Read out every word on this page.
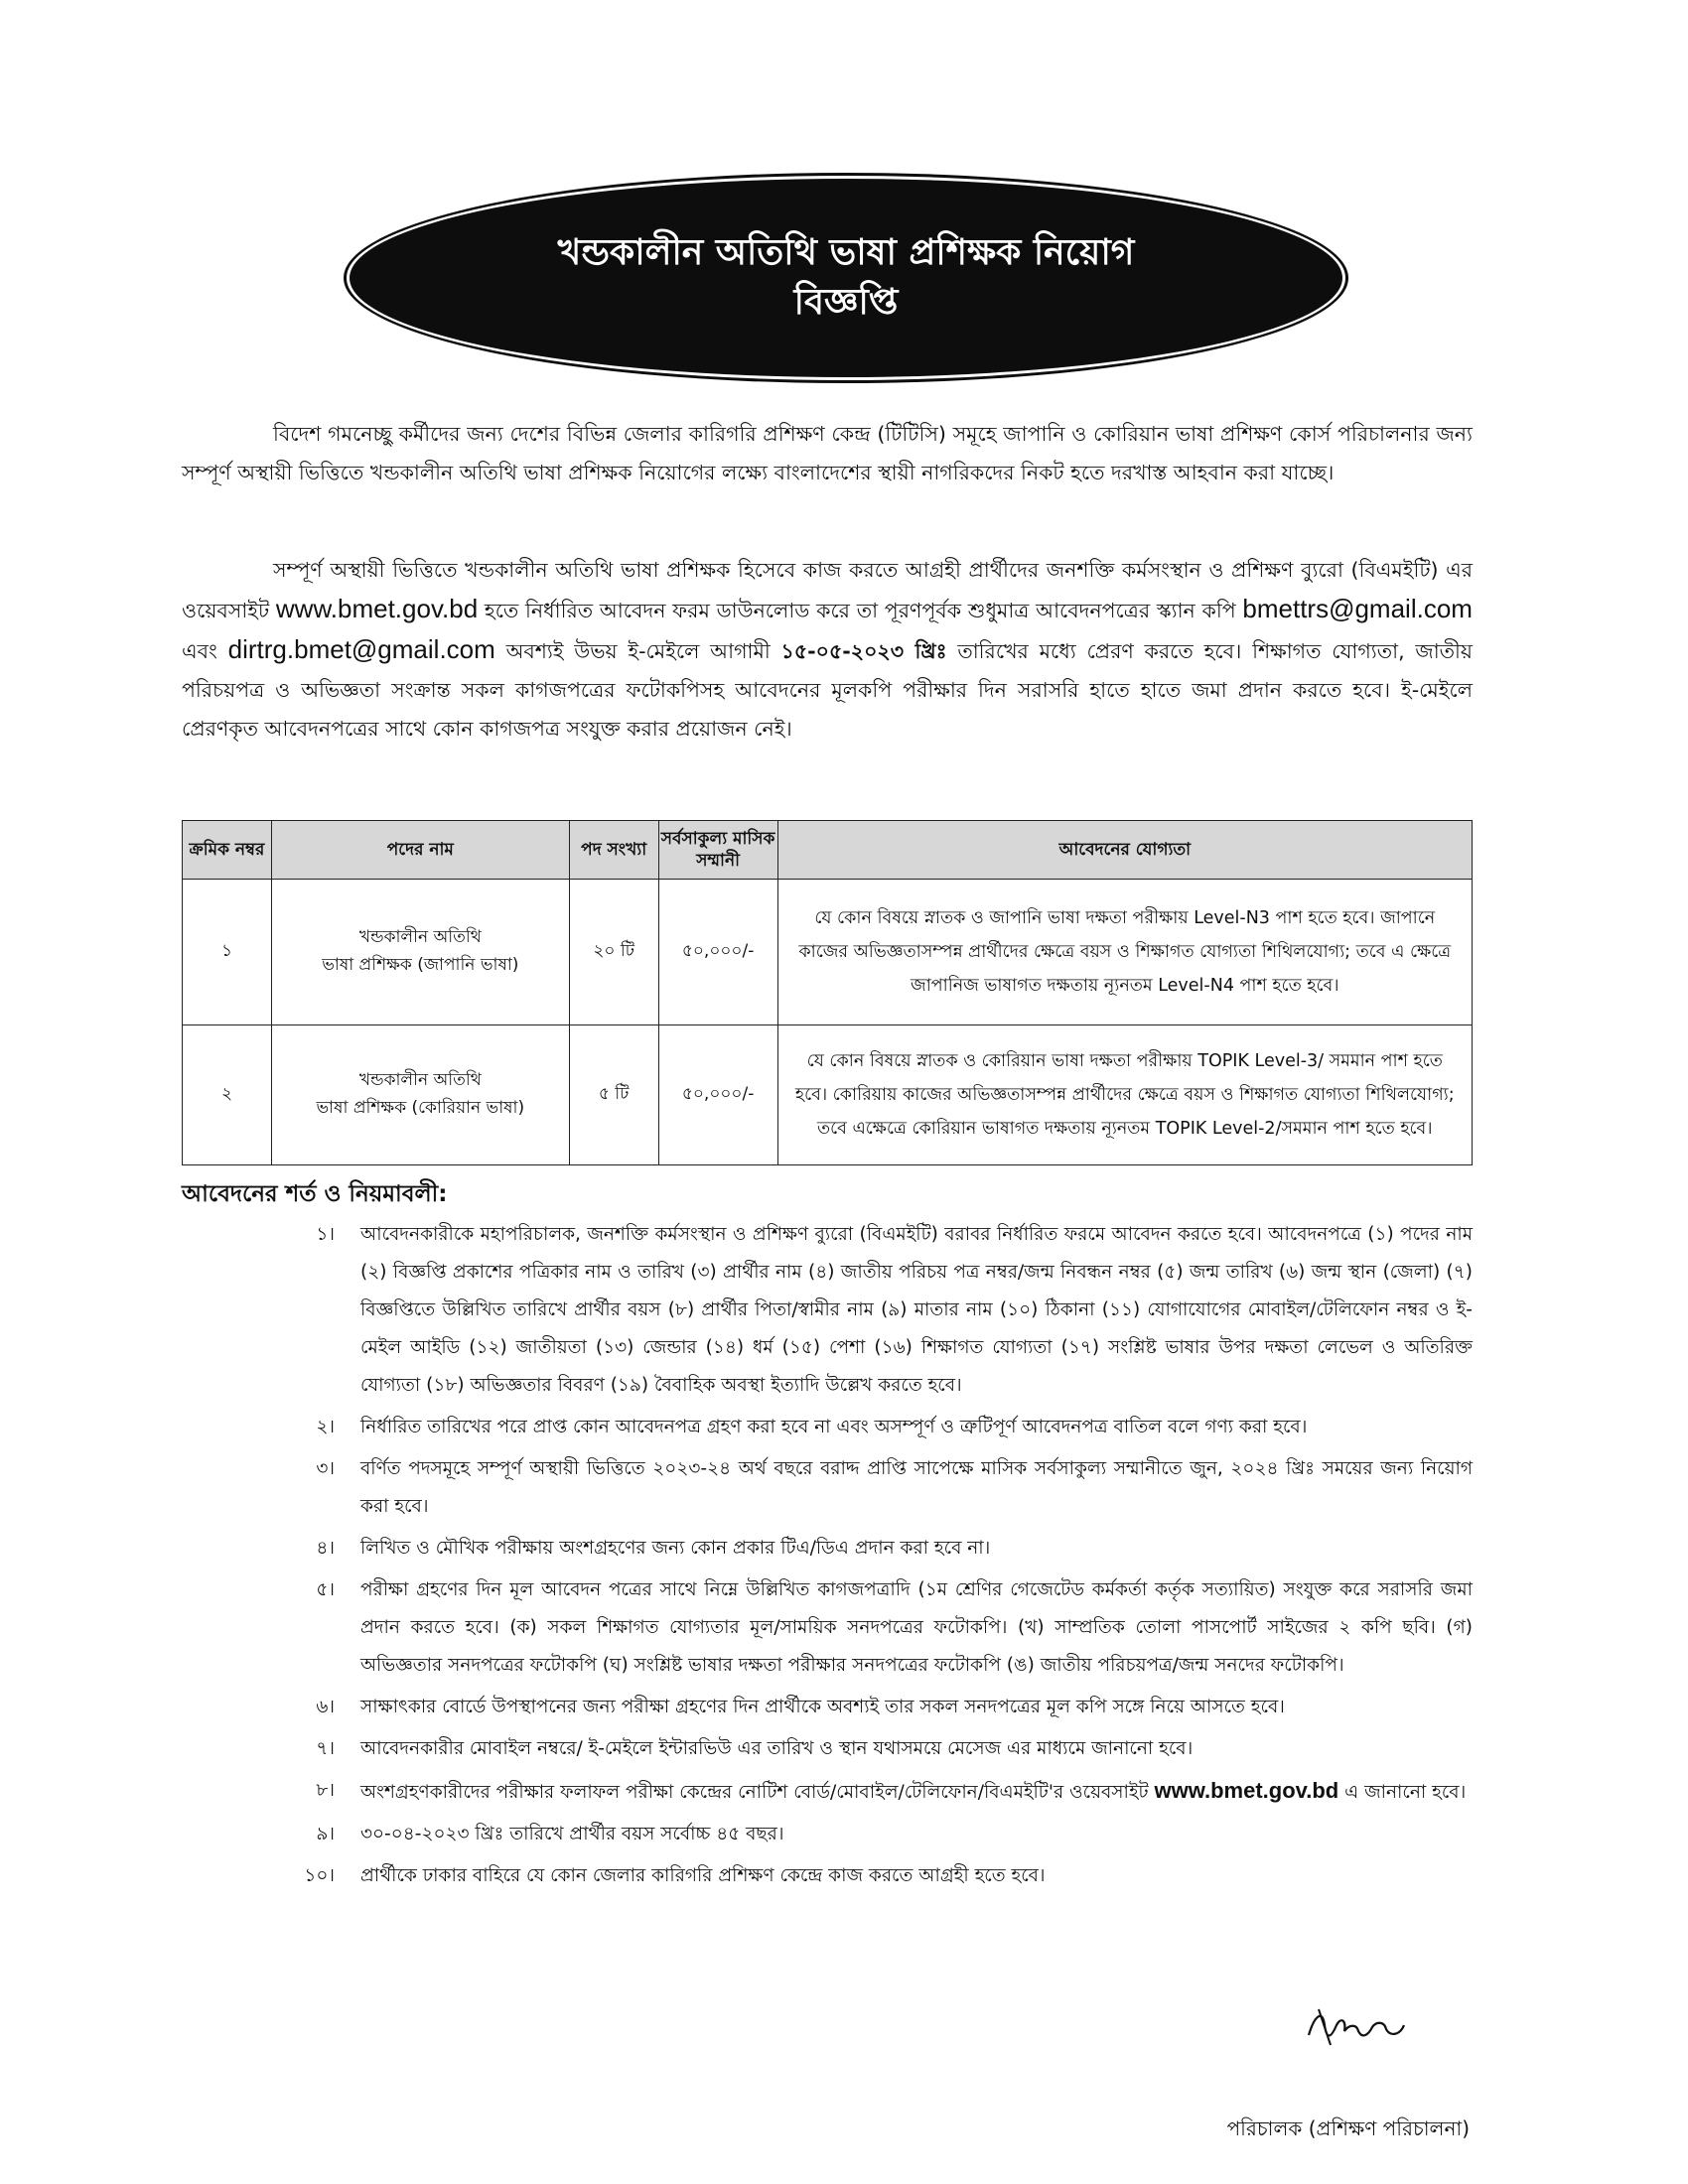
খন্ডকালীন অতিথি ভাষা প্রশিক্ষক নিয়োগ
বিজ্ঞপ্তি
বিদেশ গমনেচ্ছু কর্মীদের জন্য দেশের বিভিন্ন জেলার কারিগরি প্রশিক্ষণ কেন্দ্র (টিটিসি) সমূহে জাপানি ও কোরিয়ান ভাষা প্রশিক্ষণ কোর্স পরিচালনার জন্য সম্পূর্ণ অস্থায়ী ভিত্তিতে খন্ডকালীন অতিথি ভাষা প্রশিক্ষক নিয়োগের লক্ষ্যে বাংলাদেশের স্থায়ী নাগরিকদের নিকট হতে দরখাস্ত আহবান করা যাচ্ছে।
সম্পূর্ণ অস্থায়ী ভিত্তিতে খন্ডকালীন অতিথি ভাষা প্রশিক্ষক হিসেবে কাজ করতে আগ্রহী প্রার্থীদের জনশক্তি কর্মসংস্থান ও প্রশিক্ষণ ব্যুরো (বিএমইটি) এর ওয়েবসাইট www.bmet.gov.bd হতে নির্ধারিত আবেদন ফরম ডাউনলোড করে তা পূরণপূর্বক শুধুমাত্র আবেদনপত্রের স্ক্যান কপি bmettrs@gmail.com এবং dirtrg.bmet@gmail.com অবশ্যই উভয় ই-মেইলে আগামী ১৫-০৫-২০২৩ খ্রিঃ তারিখের মধ্যে প্রেরণ করতে হবে। শিক্ষাগত যোগ্যতা, জাতীয় পরিচয়পত্র ও অভিজ্ঞতা সংক্রান্ত সকল কাগজপত্রের ফটোকপিসহ আবেদনের মূলকপি পরীক্ষার দিন সরাসরি হাতে হাতে জমা প্রদান করতে হবে। ই-মেইলে প্রেরণকৃত আবেদনপত্রের সাথে কোন কাগজপত্র সংযুক্ত করার প্রয়োজন নেই।
ক্রমিক নম্বর	পদের নাম	পদ সংখ্যা	সর্বসাকুল্য মাসিক সম্মানী	আবেদনের যোগ্যতা
১	খন্ডকালীন অতিথি
ভাষা প্রশিক্ষক (জাপানি ভাষা)	২০ টি	৫০,০০০/-	যে কোন বিষয়ে স্নাতক ও জাপানি ভাষা দক্ষতা পরীক্ষায় Level-N3 পাশ হতে হবে। জাপানে কাজের অভিজ্ঞতাসম্পন্ন প্রার্থীদের ক্ষেত্রে বয়স ও শিক্ষাগত যোগ্যতা শিথিলযোগ্য; তবে এ ক্ষেত্রে জাপানিজ ভাষাগত দক্ষতায় ন্যূনতম Level-N4 পাশ হতে হবে।
২	খন্ডকালীন অতিথি
ভাষা প্রশিক্ষক (কোরিয়ান ভাষা)	৫ টি	৫০,০০০/-	যে কোন বিষয়ে স্নাতক ও কোরিয়ান ভাষা দক্ষতা পরীক্ষায় TOPIK Level-3/ সমমান পাশ হতে হবে। কোরিয়ায় কাজের অভিজ্ঞতাসম্পন্ন প্রার্থীদের ক্ষেত্রে বয়স ও শিক্ষাগত যোগ্যতা শিথিলযোগ্য; তবে এক্ষেত্রে কোরিয়ান ভাষাগত দক্ষতায় ন্যূনতম TOPIK Level-2/সমমান পাশ হতে হবে।
আবেদনের শর্ত ও নিয়মাবলী:
১।	আবেদনকারীকে মহাপরিচালক, জনশক্তি কর্মসংস্থান ও প্রশিক্ষণ ব্যুরো (বিএমইটি) বরাবর নির্ধারিত ফরমে আবেদন করতে হবে। আবেদনপত্রে (১) পদের নাম (২) বিজ্ঞপ্তি প্রকাশের পত্রিকার নাম ও তারিখ (৩) প্রার্থীর নাম (৪) জাতীয় পরিচয় পত্র নম্বর/জন্ম নিবন্ধন নম্বর (৫) জন্ম তারিখ (৬) জন্ম স্থান (জেলা) (৭) বিজ্ঞপ্তিতে উল্লিখিত তারিখে প্রার্থীর বয়স (৮) প্রার্থীর পিতা/স্বামীর নাম (৯) মাতার নাম (১০) ঠিকানা (১১) যোগাযোগের মোবাইল/টেলিফোন নম্বর ও ই-মেইল আইডি (১২) জাতীয়তা (১৩) জেন্ডার (১৪) ধর্ম (১৫) পেশা (১৬) শিক্ষাগত যোগ্যতা (১৭) সংশ্লিষ্ট ভাষার উপর দক্ষতা লেভেল ও অতিরিক্ত যোগ্যতা (১৮) অভিজ্ঞতার বিবরণ (১৯) বৈবাহিক অবস্থা ইত্যাদি উল্লেখ করতে হবে।
২।	নির্ধারিত তারিখের পরে প্রাপ্ত কোন আবেদনপত্র গ্রহণ করা হবে না এবং অসম্পূর্ণ ও ত্রুটিপূর্ণ আবেদনপত্র বাতিল বলে গণ্য করা হবে।
৩।	বর্ণিত পদসমূহে সম্পূর্ণ অস্থায়ী ভিত্তিতে ২০২৩-২৪ অর্থ বছরে বরাদ্দ প্রাপ্তি সাপেক্ষে মাসিক সর্বসাকুল্য সম্মানীতে জুন, ২০২৪ খ্রিঃ সময়ের জন্য নিয়োগ করা হবে।
৪।	লিখিত ও মৌখিক পরীক্ষায় অংশগ্রহণের জন্য কোন প্রকার টিএ/ডিএ প্রদান করা হবে না।
৫।	পরীক্ষা গ্রহণের দিন মূল আবেদন পত্রের সাথে নিম্নে উল্লিখিত কাগজপত্রাদি (১ম শ্রেণির গেজেটেড কর্মকর্তা কর্তৃক সত্যায়িত) সংযুক্ত করে সরাসরি জমা প্রদান করতে হবে। (ক) সকল শিক্ষাগত যোগ্যতার মূল/সাময়িক সনদপত্রের ফটোকপি। (খ) সাম্প্রতিক তোলা পাসপোর্ট সাইজের ২ কপি ছবি। (গ) অভিজ্ঞতার সনদপত্রের ফটোকপি (ঘ) সংশ্লিষ্ট ভাষার দক্ষতা পরীক্ষার সনদপত্রের ফটোকপি (ঙ) জাতীয় পরিচয়পত্র/জন্ম সনদের ফটোকপি।
৬।	সাক্ষাৎকার বোর্ডে উপস্থাপনের জন্য পরীক্ষা গ্রহণের দিন প্রার্থীকে অবশ্যই তার সকল সনদপত্রের মূল কপি সঙ্গে নিয়ে আসতে হবে।
৭।	আবেদনকারীর মোবাইল নম্বরে/ ই-মেইলে ইন্টারভিউ এর তারিখ ও স্থান যথাসময়ে মেসেজ এর মাধ্যমে জানানো হবে।
৮।	অংশগ্রহণকারীদের পরীক্ষার ফলাফল পরীক্ষা কেন্দ্রের নোটিশ বোর্ড/মোবাইল/টেলিফোন/বিএমইটি'র ওয়েবসাইট www.bmet.gov.bd এ জানানো হবে।
৯।	৩০-০৪-২০২৩ খ্রিঃ তারিখে প্রার্থীর বয়স সর্বোচ্চ ৪৫ বছর।
১০।	প্রার্থীকে ঢাকার বাহিরে যে কোন জেলার কারিগরি প্রশিক্ষণ কেন্দ্রে কাজ করতে আগ্রহী হতে হবে।
পরিচালক (প্রশিক্ষণ পরিচালনা)
